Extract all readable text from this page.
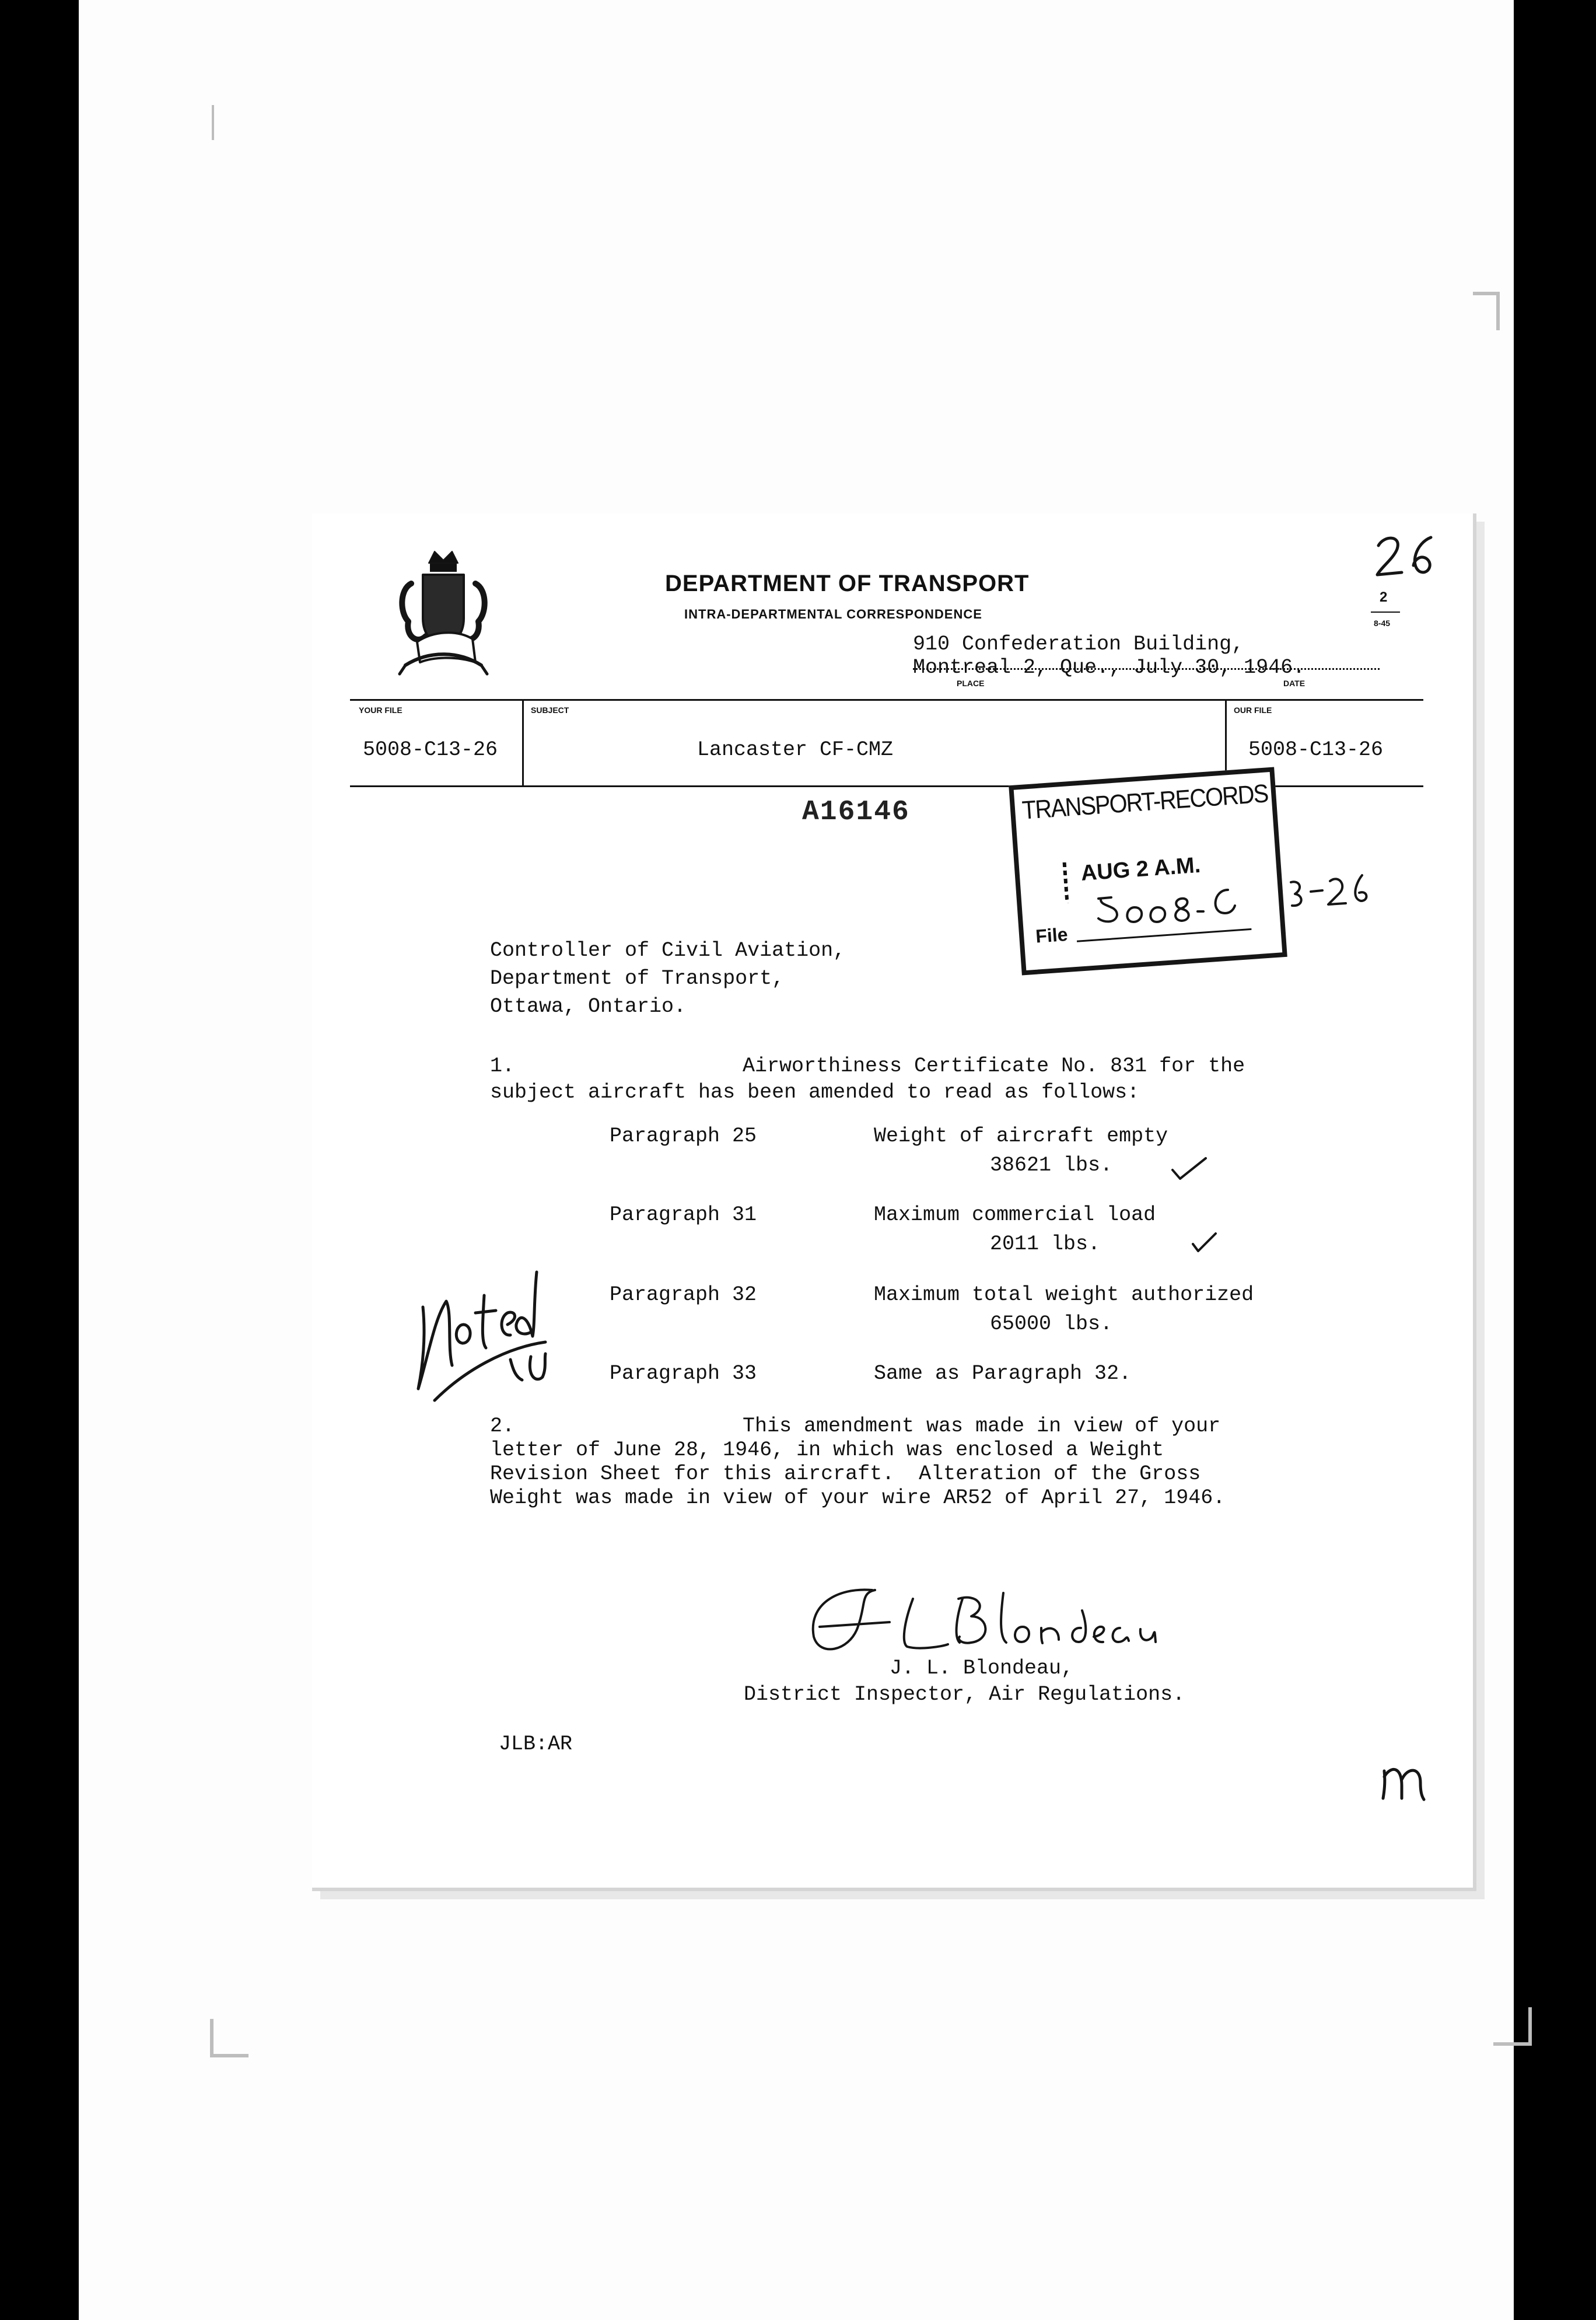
DEPARTMENT OF TRANSPORT
INTRA-DEPARTMENTAL CORRESPONDENCE
2
8-45
910 Confederation Building,
Montreal 2, Que., July 30, 1946.
PLACE	DATE
YOUR FILE	SUBJECT	OUR FILE
5008-C13-26	Lancaster CF-CMZ	5008-C13-26
A16146	TRANSPORT-RECORDS
AUG 2 A.M.
File
Controller of Civil Aviation,
Department of Transport,
Ottawa, Ontario.
1.	Airworthiness Certificate No. 831 for the
subject aircraft has been amended to read as follows:
Paragraph 25	Weight of aircraft empty
38621 lbs.
Paragraph 31	Maximum commercial load
2011 lbs.
Paragraph 32	Maximum total weight authorized
65000 lbs.
Paragraph 33	Same as Paragraph 32.
2.	This amendment was made in view of your
letter of June 28, 1946, in which was enclosed a Weight
Revision Sheet for this aircraft.  Alteration of the Gross
Weight was made in view of your wire AR52 of April 27, 1946.
J. L. Blondeau,
District Inspector, Air Regulations.
JLB:AR
